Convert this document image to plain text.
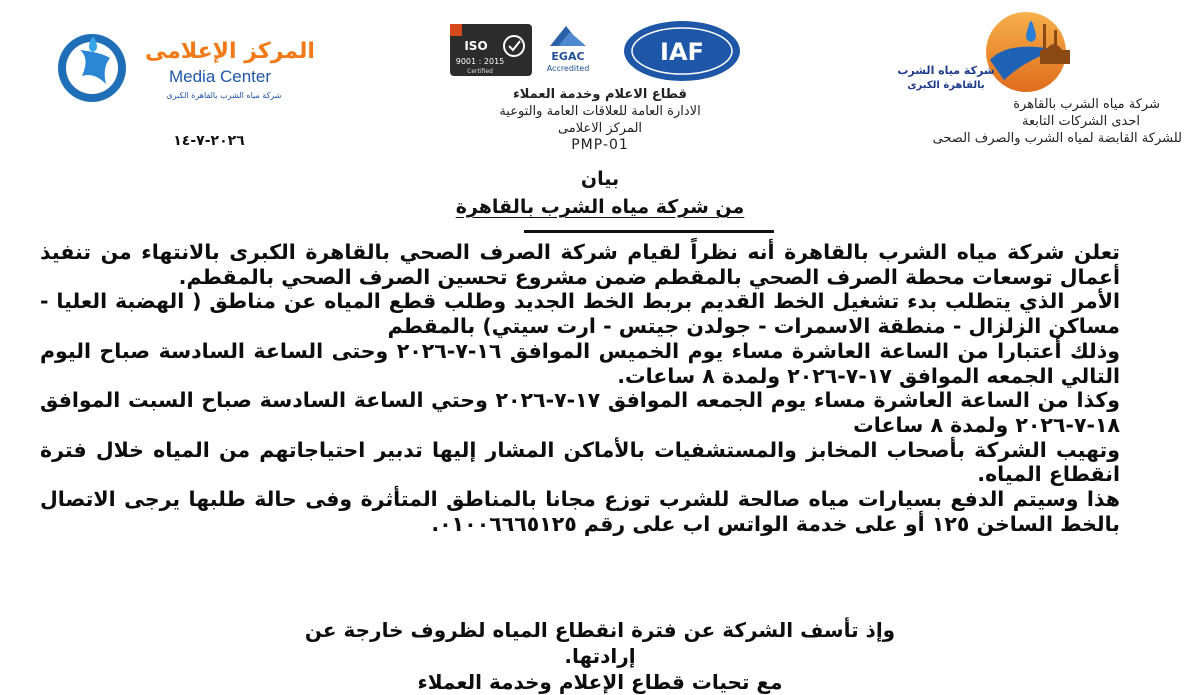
شركة مياه الشرب
بالقاهرة الكبرى
شركة مياه الشرب بالقاهرة
احدى الشركات التابعة
للشركة القابضة لمياه الشرب والصرف الصحى
ISO
9001 : 2015
Certified
EGAC
Accredited
IAF
قطاع الاعلام وخدمة العملاء
الادارة العامة للعلاقات العامة والتوعية
المركز الاعلامى
PMP-01
المركز الإعلامى
Media Center
شركة مياه الشرب بالقاهرة الكبرى
٢٠٢٦-٧-١٤
بيان
من شركة مياه الشرب بالقاهرة

تعلن شركة مياه الشرب بالقاهرة أنه نظراً لقيام شركة الصرف الصحي بالقاهرة الكبرى بالانتهاء من تنفيذ أعمال توسعات محطة الصرف الصحي بالمقطم ضمن مشروع تحسين الصرف الصحي بالمقطم.

الأمر الذي يتطلب بدء تشغيل الخط القديم بربط الخط الجديد وطلب قطع المياه عن مناطق ( الهضبة العليا - مساكن الزلزال - منطقة الاسمرات - جولدن جيتس - ارت سيتي) بالمقطم

وذلك أعتبارا من الساعة العاشرة مساء يوم الخميس الموافق ١٦-٧-٢٠٢٦ وحتى الساعة السادسة صباح اليوم التالي الجمعه الموافق ١٧-٧-٢٠٢٦ ولمدة ٨ ساعات.

وكذا من الساعة العاشرة مساء يوم الجمعه الموافق ١٧-٧-٢٠٢٦ وحتي الساعة السادسة صباح السبت الموافق ١٨-٧-٢٠٢٦ ولمدة ٨ ساعات

وتهيب الشركة بأصحاب المخابز والمستشفيات بالأماكن المشار إليها تدبير احتياجاتهم من المياه خلال فترة انقطاع المياه.

هذا وسيتم الدفع بسيارات مياه صالحة للشرب توزع مجانا بالمناطق المتأثرة وفى حالة طلبها يرجى الاتصال بالخط الساخن ١٢٥ أو على خدمة الواتس اب على رقم ٠١٠٠٦٦٦٥١٢٥.

وإذ تأسف الشركة عن فترة انقطاع المياه لظروف خارجة عن إرادتها.

مع تحيات قطاع الإعلام وخدمة العملاء
